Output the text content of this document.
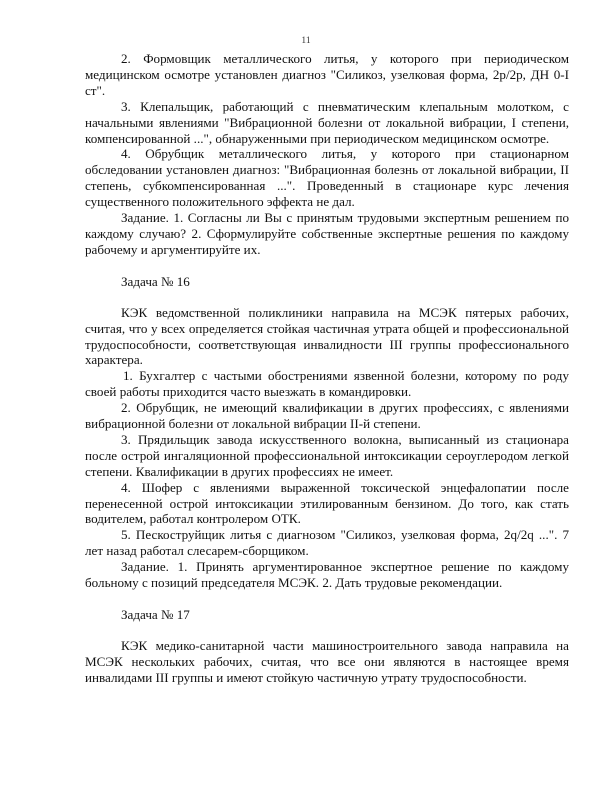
11

2. Формовщик металлического литья, у которого при периодическом медицинском осмотре установлен диагноз "Силикоз, узелковая форма, 2р/2р, ДН 0-I ст".

3. Клепальщик, работающий с пневматическим клепальным молотком, с начальными явлениями "Вибрационной болезни от локальной вибрации, I степени, компенсированной ...", обнаруженными при периодическом медицинском осмотре.

4. Обрубщик металлического литья, у которого при стационарном обследовании установлен диагноз: "Вибрационная болезнь от локальной вибрации, II степень, субкомпенсированная ...". Проведенный в стационаре курс лечения существенного положительного эффекта не дал.

Задание. 1. Согласны ли Вы с принятым трудовыми экспертным решением по каждому случаю? 2. Сформулируйте собственные экспертные решения по каждому рабочему и аргументируйте их.

Задача № 16

КЭК ведомственной поликлиники направила на МСЭК пятерых рабочих, считая, что у всех определяется стойкая частичная утрата общей и профессиональной трудоспособности, соответствующая инвалидности III группы профессионального характера.

1. Бухгалтер с частыми обострениями язвенной болезни, которому по роду своей работы приходится часто выезжать в командировки.

2. Обрубщик, не имеющий квалификации в других профессиях, с явлениями вибрационной болезни от локальной вибрации II-й степени.

3. Прядильщик завода искусственного волокна, выписанный из стационара после острой ингаляционной профессиональной интоксикации сероуглеродом легкой степени. Квалификации в других профессиях не имеет.

4. Шофер с явлениями выраженной токсической энцефалопатии после перенесенной острой интоксикации этилированным бензином. До того, как стать водителем, работал контролером ОТК.

5. Пескоструйщик литья с диагнозом "Силикоз, узелковая форма, 2q/2q ...". 7 лет назад работал слесарем-сборщиком.

Задание. 1. Принять аргументированное экспертное решение по каждому больному с позиций председателя МСЭК. 2. Дать трудовые рекомендации.

Задача № 17

КЭК медико-санитарной части машиностроительного завода направила на МСЭК нескольких рабочих, считая, что все они являются в настоящее время инвалидами III группы и имеют стойкую частичную утрату трудоспособности.
